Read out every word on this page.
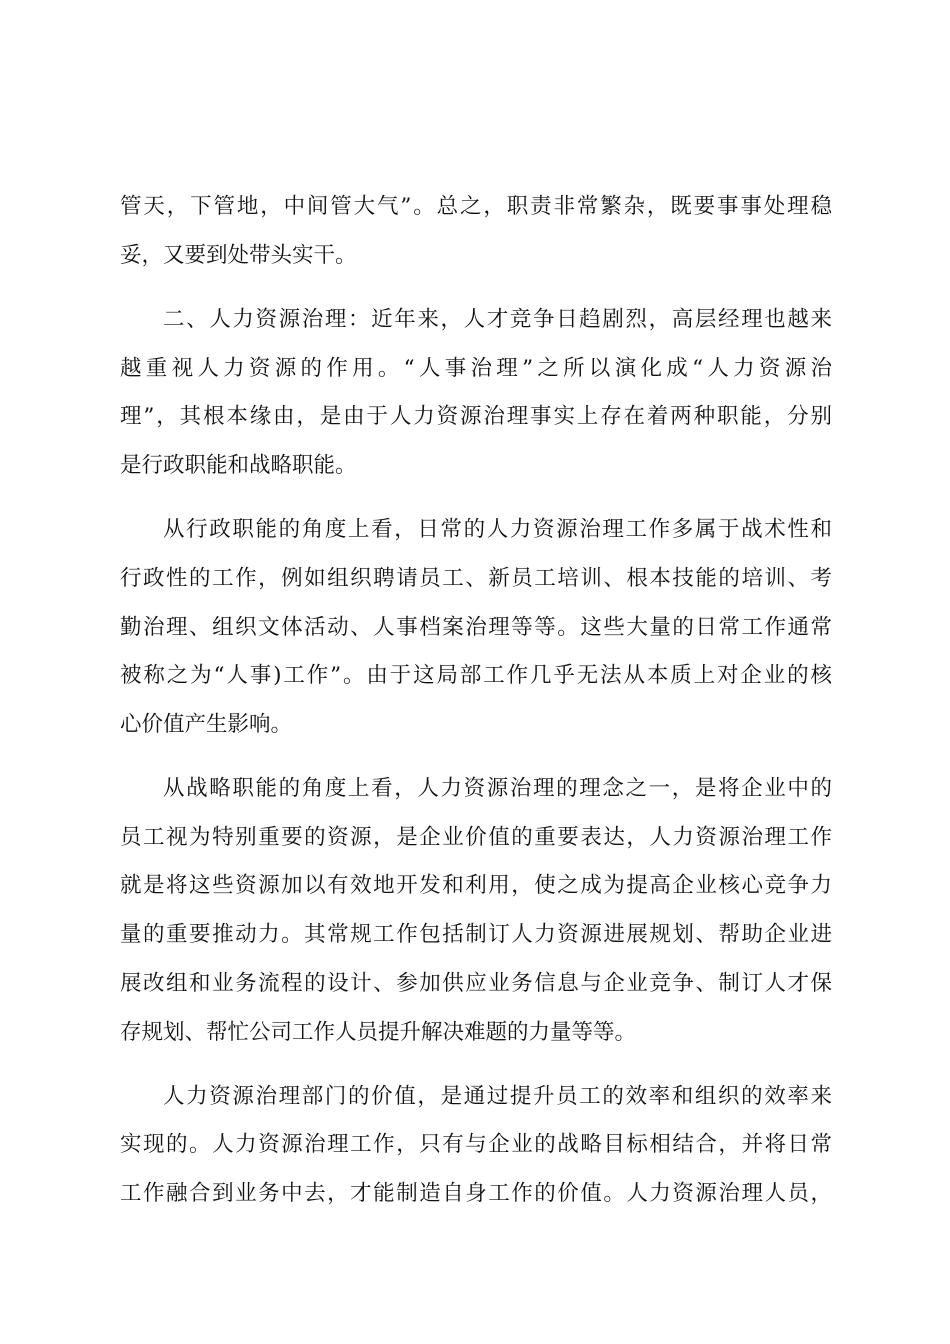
管天，下管地，中间管大气”。总之，职责非常繁杂，既要事事处理稳
妥，又要到处带头实干。
二、人力资源治理：近年来，人才竞争日趋剧烈，高层经理也越来
越重视人力资源的作用。“人事治理”之所以演化成“人力资源治
理”，其根本缘由，是由于人力资源治理事实上存在着两种职能，分别
是行政职能和战略职能。
从行政职能的角度上看，日常的人力资源治理工作多属于战术性和
行政性的工作，例如组织聘请员工、新员工培训、根本技能的培训、考
勤治理、组织文体活动、人事档案治理等等。这些大量的日常工作通常
被称之为“人事)工作”。由于这局部工作几乎无法从本质上对企业的核
心价值产生影响。
从战略职能的角度上看，人力资源治理的理念之一，是将企业中的
员工视为特别重要的资源，是企业价值的重要表达，人力资源治理工作
就是将这些资源加以有效地开发和利用，使之成为提高企业核心竞争力
量的重要推动力。其常规工作包括制订人力资源进展规划、帮助企业进
展改组和业务流程的设计、参加供应业务信息与企业竞争、制订人才保
存规划、帮忙公司工作人员提升解决难题的力量等等。
人力资源治理部门的价值，是通过提升员工的效率和组织的效率来
实现的。人力资源治理工作，只有与企业的战略目标相结合，并将日常
工作融合到业务中去，才能制造自身工作的价值。人力资源治理人员，
